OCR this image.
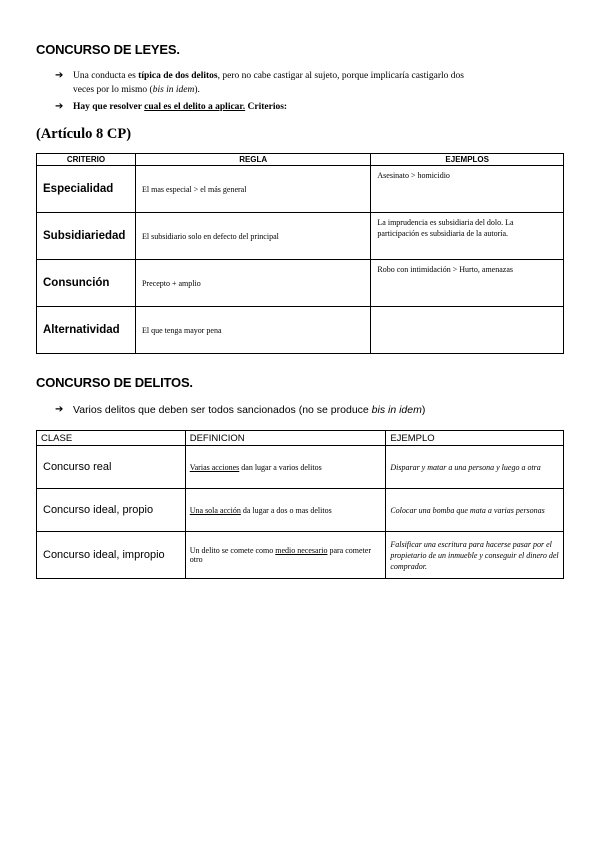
CONCURSO DE LEYES.
➔ Una conducta es típica de dos delitos, pero no cabe castigar al sujeto, porque implicaría castigarlo dos
veces por lo mismo (bis in idem).
➔ Hay que resolver cual es el delito a aplicar. Criterios:
(Artículo 8 CP)
CRITERIO	REGLA	EJEMPLOS
Especialidad	El mas especial > el más general	Asesinato > homicidio
Subsidiariedad	El subsidiario solo en defecto del principal	La imprudencia es subsidiaria del dolo. La participación es subsidiaria de la autoría.
Consunción	Precepto + amplio	Robo con intimidación > Hurto, amenazas
Alternatividad	El que tenga mayor pena	
CONCURSO DE DELITOS.
➔ Varios delitos que deben ser todos sancionados (no se produce bis in idem)
CLASE	DEFINICION	EJEMPLO
Concurso real	Varias acciones dan lugar a varios delitos	Disparar y matar a una persona y luego a otra
Concurso ideal, propio	Una sola acción da lugar a dos o mas delitos	Colocar una bomba que mata a varias personas
Concurso ideal, impropio	Un delito se comete como medio necesario para cometer otro	Falsificar una escritura para hacerse pasar por el propietario de un inmueble y conseguir el dinero del comprador.
